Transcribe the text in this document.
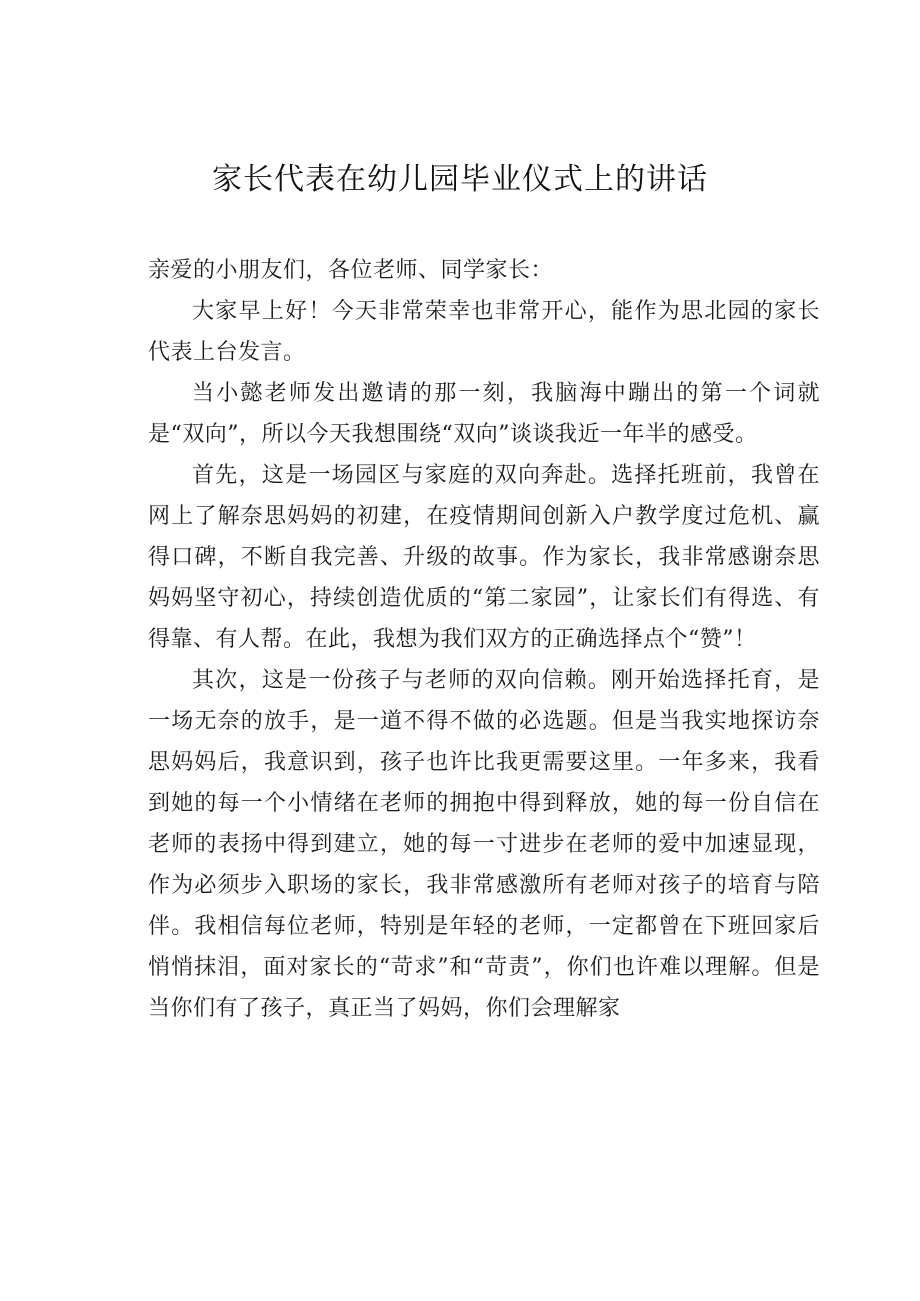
家长代表在幼儿园毕业仪式上的讲话

亲爱的小朋友们，各位老师、同学家长：

大家早上好！今天非常荣幸也非常开心，能作为思北园的家长代表上台发言。

当小懿老师发出邀请的那一刻，我脑海中蹦出的第一个词就是“双向”，所以今天我想围绕“双向”谈谈我近一年半的感受。

首先，这是一场园区与家庭的双向奔赴。选择托班前，我曾在网上了解奈思妈妈的初建，在疫情期间创新入户教学度过危机、赢得口碑，不断自我完善、升级的故事。作为家长，我非常感谢奈思妈妈坚守初心，持续创造优质的“第二家园”，让家长们有得选、有得靠、有人帮。在此，我想为我们双方的正确选择点个“赞”！

其次，这是一份孩子与老师的双向信赖。刚开始选择托育，是一场无奈的放手，是一道不得不做的必选题。但是当我实地探访奈思妈妈后，我意识到，孩子也许比我更需要这里。一年多来，我看到她的每一个小情绪在老师的拥抱中得到释放，她的每一份自信在老师的表扬中得到建立，她的每一寸进步在老师的爱中加速显现，作为必须步入职场的家长，我非常感激所有老师对孩子的培育与陪伴。我相信每位老师，特别是年轻的老师，一定都曾在下班回家后悄悄抹泪，面对家长的“苛求”和“苛责”，你们也许难以理解。但是当你们有了孩子，真正当了妈妈，你们会理解家
